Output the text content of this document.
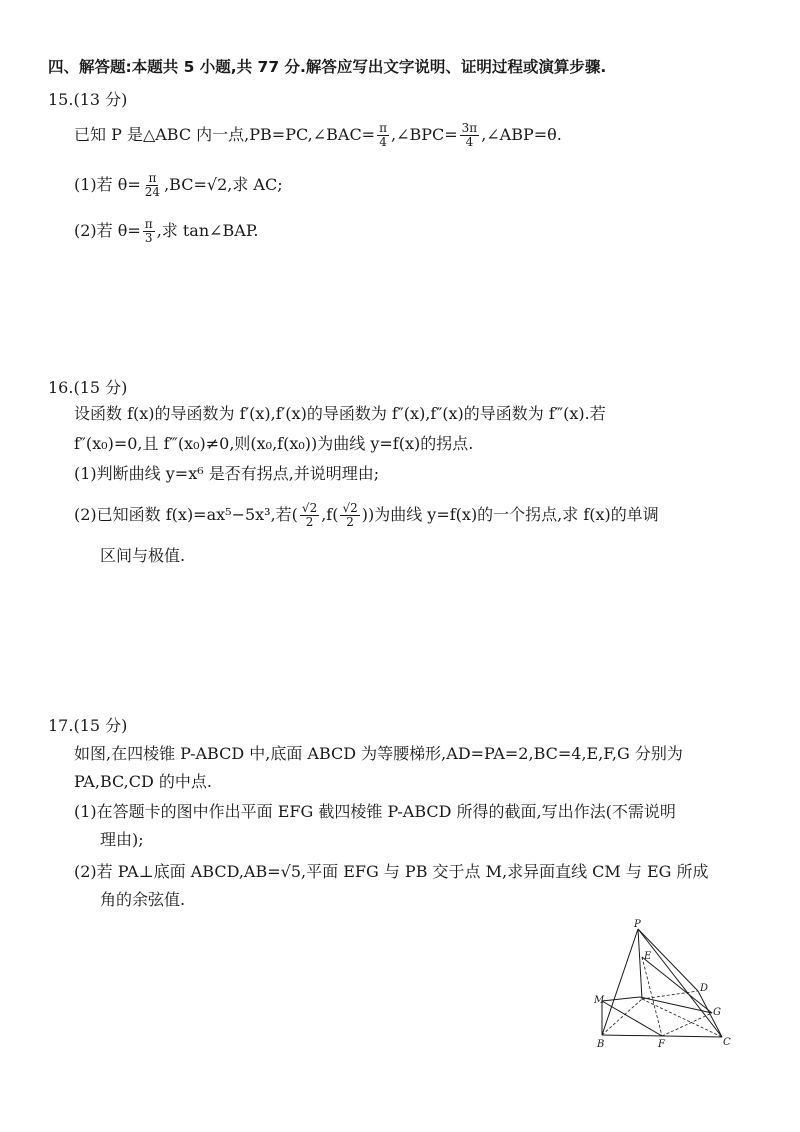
四、解答题:本题共 5 小题,共 77 分.解答应写出文字说明、证明过程或演算步骤.
15.(13 分)
已知 P 是△ABC 内一点,PB=PC,∠BAC= $\frac{\pi}{4}$ ,∠BPC= $\frac{3\pi}{4}$ ,∠ABP=θ.
(1)若 $\theta= \frac{\pi}{24} ,BC=√2$,求 AC;
(2)若 $\theta= \frac{\pi}{3}$ ,求 tan∠BAP.
16.(15 分)
设函数 f(x)的导函数为 f′(x),f′(x)的导函数为 f″(x),f″(x)的导函数为 f‴(x).若
f″(x₀)=0,且 f‴(x₀)≠0,则(x₀,f(x₀))为曲线 y=f(x)的拐点.
(1)判断曲线 y=x⁶ 是否有拐点,并说明理由;
(2)已知函数 f(x)=ax⁵−5x³,若( $\frac{√2}{2} ,f( \frac{√2}{2}$ ))为曲线 y=f(x)的一个拐点,求 f(x)的单调
区间与极值.
17.(15 分)
如图,在四棱锥 P-ABCD 中,底面 ABCD 为等腰梯形,AD=PA=2,BC=4,E,F,G 分别为
PA,BC,CD 的中点.
(1)在答题卡的图中作出平面 EFG 截四棱锥 P-ABCD 所得的截面,写出作法(不需说明
理由);
(2)若 PA⊥底面 ABCD,AB=√5,平面 EFG 与 PB 交于点 M,求异面直线 CM 与 EG 所成
角的余弦值.
P
E
D
M
G
B	F	C
